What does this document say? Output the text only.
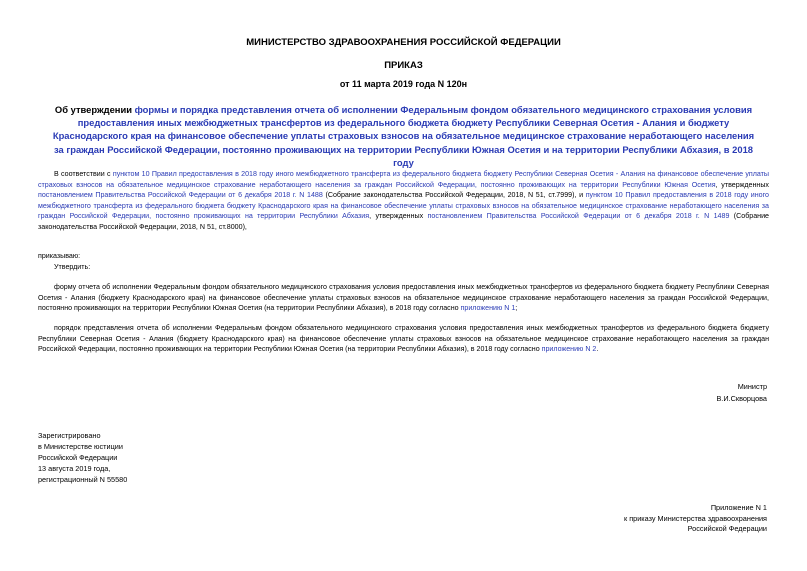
МИНИСТЕРСТВО ЗДРАВООХРАНЕНИЯ РОССИЙСКОЙ ФЕДЕРАЦИИ
ПРИКАЗ
от 11 марта 2019 года N 120н
Об утверждении формы и порядка представления отчета об исполнении Федеральным фондом обязательного медицинского страхования условия предоставления иных межбюджетных трансфертов из федерального бюджета бюджету Республики Северная Осетия - Алания и бюджету Краснодарского края на финансовое обеспечение уплаты страховых взносов на обязательное медицинское страхование неработающего населения за граждан Российской Федерации, постоянно проживающих на территории Республики Южная Осетия и на территории Республики Абхазия, в 2018 году
В соответствии с пунктом 10 Правил предоставления в 2018 году иного межбюджетного трансферта из федерального бюджета бюджету Республики Северная Осетия - Алания на финансовое обеспечение уплаты страховых взносов на обязательное медицинское страхование неработающего населения за граждан Российской Федерации, постоянно проживающих на территории Республики Южная Осетия, утвержденных постановлением Правительства Российской Федерации от 6 декабря 2018 г. N 1488 (Собрание законодательства Российской Федерации, 2018, N 51, ст.7999), и пунктом 10 Правил предоставления в 2018 году иного межбюджетного трансферта из федерального бюджета бюджету Краснодарского края на финансовое обеспечение уплаты страховых взносов на обязательное медицинское страхование неработающего населения за граждан Российской Федерации, постоянно проживающих на территории Республики Абхазия, утвержденных постановлением Правительства Российской Федерации от 6 декабря 2018 г. N 1489 (Собрание законодательства Российской Федерации, 2018, N 51, ст.8000),
приказываю:
Утвердить:
форму отчета об исполнении Федеральным фондом обязательного медицинского страхования условия предоставления иных межбюджетных трансфертов из федерального бюджета бюджету Республики Северная Осетия - Алания (бюджету Краснодарского края) на финансовое обеспечение уплаты страховых взносов на обязательное медицинское страхование неработающего населения за граждан Российской Федерации, постоянно проживающих на территории Республики Южная Осетия (на территории Республики Абхазия), в 2018 году согласно приложению N 1;
порядок представления отчета об исполнении Федеральным фондом обязательного медицинского страхования условия предоставления иных межбюджетных трансфертов из федерального бюджета бюджету Республики Северная Осетия - Алания (бюджету Краснодарского края) на финансовое обеспечение уплаты страховых взносов на обязательное медицинское страхование неработающего населения за граждан Российской Федерации, постоянно проживающих на территории Республики Южная Осетия (на территории Республики Абхазия), в 2018 году согласно приложению N 2.
Министр
В.И.Скворцова
Зарегистрировано
в Министерстве юстиции
Российской Федерации
13 августа 2019 года,
регистрационный N 55580
Приложение N 1
к приказу Министерства здравоохранения
Российской Федерации
